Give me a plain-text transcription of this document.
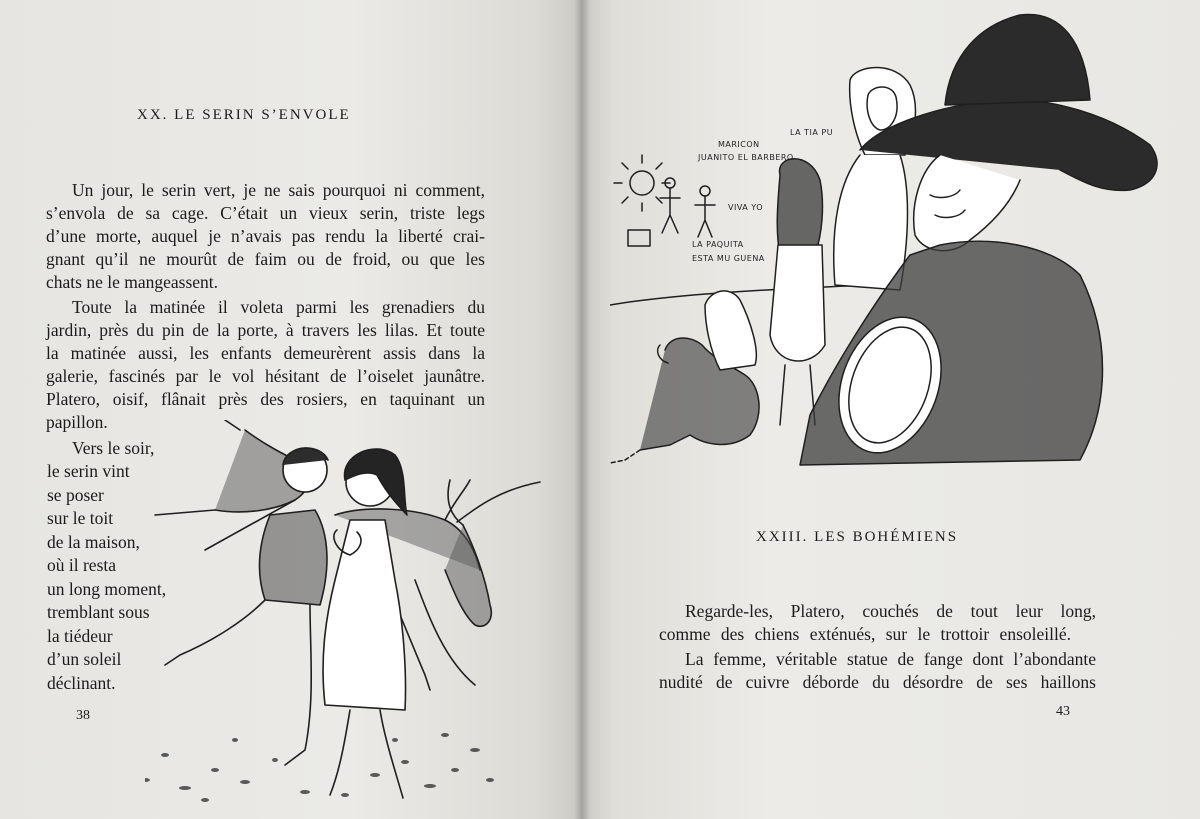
XX. LE SERIN S’ENVOLE
Un jour, le serin vert, je ne sais pourquoi ni comment,
s’envola de sa cage. C’était un vieux serin, triste legs
d’une morte, auquel je n’avais pas rendu la liberté crai-
gnant qu’il ne mourût de faim ou de froid, ou que les
chats ne le mangeassent.
Toute la matinée il voleta parmi les grenadiers du
jardin, près du pin de la porte, à travers les lilas. Et toute
la matinée aussi, les enfants demeurèrent assis dans la
galerie, fascinés par le vol hésitant de l’oiselet jaunâtre.
Platero, oisif, flânait près des rosiers, en taquinant un
papillon.
Vers le soir,
le serin vint
se poser
sur le toit
de la maison,
où il resta
un long moment,
tremblant sous
la tiédeur
d’un soleil
déclinant.
38
MARICON
JUANITO EL BARBERO
VIVA YO
LA PAQUITA
ESTA MU GUENA
LA TIA PU
XXIII. LES BOHÉMIENS
Regarde-les, Platero, couchés de tout leur long,
comme des chiens exténués, sur le trottoir ensoleillé.
La femme, véritable statue de fange dont l’abondante
nudité de cuivre déborde du désordre de ses haillons
43
